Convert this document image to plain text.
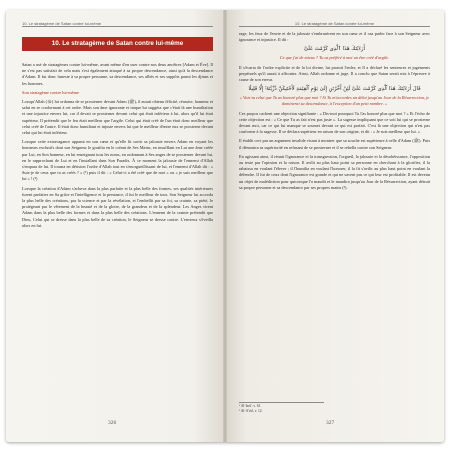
10. Le stratagème de Satan contre lui-même
10. Le stratagème de Satan contre lui-même

Satan a usé de stratagèmes contre lui-même, avant même d'en user contre nos deux ancêtres [Adam et Ève]. Il ne s'est pas satisfait de cela mais s'est également attaqué à sa propre descendance, ainsi qu'à la descendance d'Adam. Il fut donc funeste à sa propre personne, sa descendance, ses alliés et ses suppôts parmi les djinns et les hommes.

Son stratagème contre lui-même

Lorsqu'Allah (ﷻ) lui ordonna de se prosterner devant Adam (ﷺ), il aurait obtenu félicité, réussite, honneur et salut en se conformant à cet ordre. Mais son âme ignorante et inique lui suggéra que c'était là une humiliation et une injustice envers lui, car il devait se prosterner devant celui qui était inférieur à lui, alors qu'il lui était supérieur. Il prétendit que le feu était meilleur que l'argile. Celui qui était créé de l'un était donc meilleur que celui créé de l'autre. Il était donc humiliant et injuste envers lui que le meilleur d'entre eux se prosterne devant celui qui lui était inférieur.

Lorsque cette extravagance apparut en son cœur et qu'elle fit sortir sa jalousie envers Adam en voyant les honneurs exclusifs dont son Seigneur le gratifia en le créant de Ses Mains, en insufflant en Lui une âme créée par Lui, en Son honneur, en lui enseignant tous les noms, en ordonnant à Ses anges de se prosterner devant lui, en le rapprochant de Lui et en l'installant dans Son Paradis. À ce moment la jalousie de l'ennemi d'Allah s'empara de lui. Il tourna en dérision l'ordre d'Allah tout en s'enorgueillissant de lui, et l'ennemi d'Allah dit : « Suis-je de ceux que tu as créés ? » (¹) puis il dit : « Celui-ci a été créé que de moi » ou « je suis meilleur que lui » ! (²)

Lorsque la création d'Adam s'acheva dans la plus parfaite et la plus belle des formes, ses qualités intérieures furent parfaites en Sa grâce et l'intelligence et la prestance, il fut le meilleur de tous. Son Seigneur lui accorda la plus belle des créations, par la science et par la révélation, et l'embellit par sa foi, sa crainte, sa piété, le protégeant par le vêtement de la beauté et de la gloire, de la grandeur et de la splendeur. Les Anges virent Adam dans la plus belle des formes et dans la plus belle des créations. L'ennemi de la crainte prétendit que Dieu, Celui qui se dresse dans la plus belle de sa création, le Seigneur se dresse contre. L'envieux s'éveilla alors en lui.

326
10. Le stratagème de Satan contre lui-même

rage, les feux de l'envie et de la jalousie s'embrasèrent en son cœur et il osa parler face à son Seigneur avec ignorance et injustice. Il dit :

أَرَءَيْتَكَ هَٰذَا ٱلَّذِى كَرَّمْتَ عَلَىَّ
Ce que j'ai de mieux ? Tu as préféré à moi un être créé d'argile.

Il s'écarta de l'ordre explicite et de la loi divine, lui promit l'enfer, et Il a déclaré les sentences et jugements perpétuels qu'il aurait à affronter. Ainsi, Allah ordonne et juge. Il a conclu que Satan serait mis à l'épreuve à cause de son erreur.

قَالَ أَرَءَيْتَكَ هَٰذَا ٱلَّذِى كَرَّمْتَ عَلَىَّ لَئِنْ أَخَّرْتَنِ إِلَىٰ يَوْمِ ٱلْقِيَٰمَةِ لَأَحْتَنِكَنَّ ذُرِّيَّتَهُۥٓ إِلَّا قَلِيلًا
« Vois-tu celui que Tu as honoré plus que moi ? Si Tu m'accordes un délai jusqu'au Jour de la Résurrection, je dominerai sa descendance, à l'exception d'un petit nombre. »

Ces propos cachent une objection signifiante : « Dis-moi pourquoi Tu l'as honoré plus que moi ? » Et l'écho de cette objection est : « Ce que Tu as fait n'est pas juste ». La sagesse impliquant que ce soit lui qui se prosterne devant moi, car ce qui lui manque se soumet devant ce qui est parfait. C'est là une objection qui n'est pas conforme à la sagesse. Il se déclara supérieur en raison de son origine, et dit : « Je suis meilleur que lui. »

Il établit ceci par un argument invalide visant à montrer que sa souche est supérieure à celle d'Adam (ﷺ). Puis il démontra sa supériorité en refusant de se prosterner et il se rebella contre son Seigneur.

En agissant ainsi, il réunit l'ignorance et la transgression, l'orgueil, la jalousie et la désobéissance, l'opposition au texte par l'opinion et la raison. Il avilit au plus haut point sa personne en cherchant à la glorifier, il la rabaissa en voulant l'élever ; il l'humilia en voulant l'honorer, il la fit s'avilir au plus haut point en voulant la défendre. Il fut de ceux dont l'ignorance est grande et qui ne savent pas ce qui leur est profitable. Il est devenu un objet de malédiction pour quiconque l'a maudit et le maudira jusqu'au Jour de la Résurrection, ayant détruit sa propre personne et sa descendance par ses propres mains (³).

¹ Al-Isrâ', v. 61.
² Al-A'râf, v. 12.
327
